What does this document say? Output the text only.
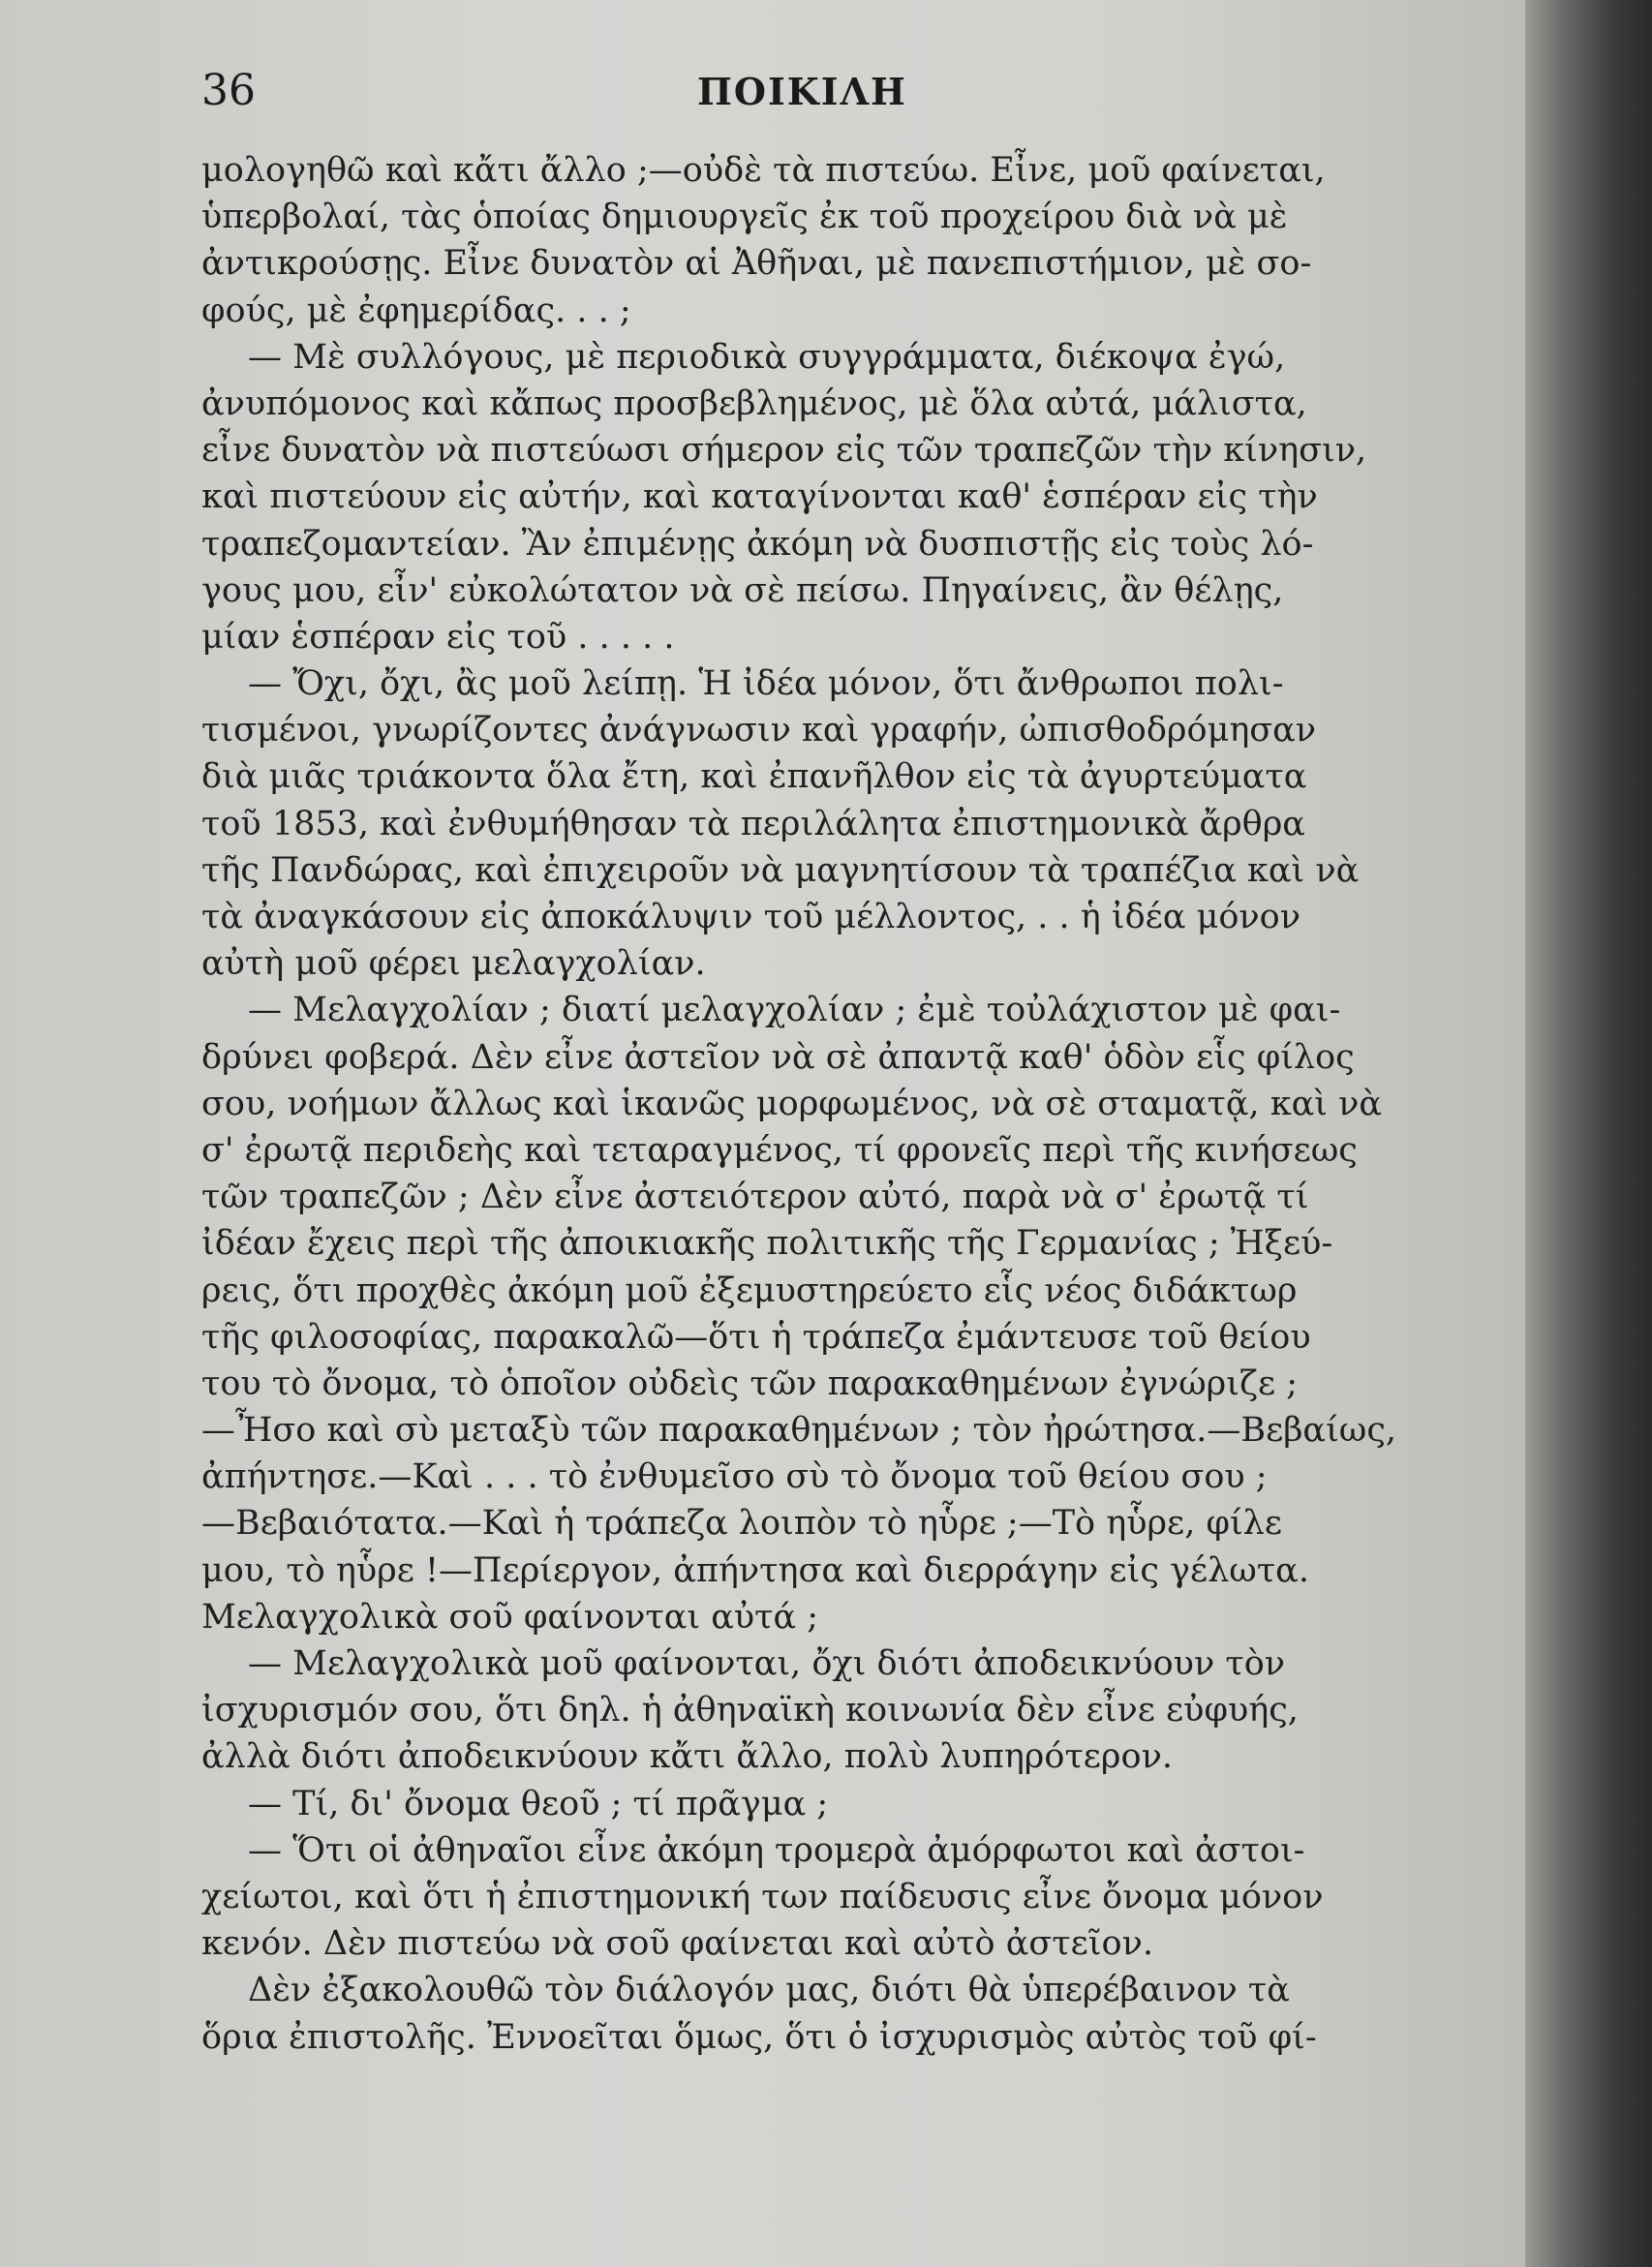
36	ΠΟΙΚΙΛΗ
μολογηθῶ καὶ κἄτι ἄλλο ;—οὐδὲ τὰ πιστεύω. Εἶνε, μοῦ φαίνεται,
ὑπερβολαί, τὰς ὁποίας δημιουργεῖς ἐκ τοῦ προχείρου διὰ νὰ μὲ
ἀντικρούσῃς. Εἶνε δυνατὸν αἱ Ἀθῆναι, μὲ πανεπιστήμιον, μὲ σο-
φούς, μὲ ἐφημερίδας. . . ;
— Μὲ συλλόγους, μὲ περιοδικὰ συγγράμματα, διέκοψα ἐγώ,
ἀνυπόμονος καὶ κἄπως προσβεβλημένος, μὲ ὅλα αὐτά, μάλιστα,
εἶνε δυνατὸν νὰ πιστεύωσι σήμερον εἰς τῶν τραπεζῶν τὴν κίνησιν,
καὶ πιστεύουν εἰς αὐτήν, καὶ καταγίνονται καθ' ἑσπέραν εἰς τὴν
τραπεζομαντείαν. Ἂν ἐπιμένῃς ἀκόμη νὰ δυσπιστῇς εἰς τοὺς λό-
γους μου, εἶν' εὐκολώτατον νὰ σὲ πείσω. Πηγαίνεις, ἂν θέλῃς,
μίαν ἑσπέραν εἰς τοῦ . . . . .
— Ὄχι, ὄχι, ἂς μοῦ λείπῃ. Ἡ ἰδέα μόνον, ὅτι ἄνθρωποι πολι-
τισμένοι, γνωρίζοντες ἀνάγνωσιν καὶ γραφήν, ὠπισθοδρόμησαν
διὰ μιᾶς τριάκοντα ὅλα ἔτη, καὶ ἐπανῆλθον εἰς τὰ ἀγυρτεύματα
τοῦ 1853, καὶ ἐνθυμήθησαν τὰ περιλάλητα ἐπιστημονικὰ ἄρθρα
τῆς Πανδώρας, καὶ ἐπιχειροῦν νὰ μαγνητίσουν τὰ τραπέζια καὶ νὰ
τὰ ἀναγκάσουν εἰς ἀποκάλυψιν τοῦ μέλλοντος, . . ἡ ἰδέα μόνον
αὐτὴ μοῦ φέρει μελαγχολίαν.
— Μελαγχολίαν ; διατί μελαγχολίαν ; ἐμὲ τοὐλάχιστον μὲ φαι-
δρύνει φοβερά. Δὲν εἶνε ἀστεῖον νὰ σὲ ἀπαντᾷ καθ' ὁδὸν εἷς φίλος
σου, νοήμων ἄλλως καὶ ἱκανῶς μορφωμένος, νὰ σὲ σταματᾷ, καὶ νὰ
σ' ἐρωτᾷ περιδεὴς καὶ τεταραγμένος, τί φρονεῖς περὶ τῆς κινήσεως
τῶν τραπεζῶν ; Δὲν εἶνε ἀστειότερον αὐτό, παρὰ νὰ σ' ἐρωτᾷ τί
ἰδέαν ἔχεις περὶ τῆς ἀποικιακῆς πολιτικῆς τῆς Γερμανίας ; Ἠξεύ-
ρεις, ὅτι προχθὲς ἀκόμη μοῦ ἐξεμυστηρεύετο εἷς νέος διδάκτωρ
τῆς φιλοσοφίας, παρακαλῶ—ὅτι ἡ τράπεζα ἐμάντευσε τοῦ θείου
του τὸ ὄνομα, τὸ ὁποῖον οὐδεὶς τῶν παρακαθημένων ἐγνώριζε ;
—Ἦσο καὶ σὺ μεταξὺ τῶν παρακαθημένων ; τὸν ἠρώτησα.—Βεβαίως,
ἀπήντησε.—Καὶ . . . τὸ ἐνθυμεῖσο σὺ τὸ ὄνομα τοῦ θείου σου ;
—Βεβαιότατα.—Καὶ ἡ τράπεζα λοιπὸν τὸ ηὗρε ;—Τὸ ηὗρε, φίλε
μου, τὸ ηὗρε !—Περίεργον, ἀπήντησα καὶ διερράγην εἰς γέλωτα.
Μελαγχολικὰ σοῦ φαίνονται αὐτά ;
— Μελαγχολικὰ μοῦ φαίνονται, ὄχι διότι ἀποδεικνύουν τὸν
ἰσχυρισμόν σου, ὅτι δηλ. ἡ ἀθηναϊκὴ κοινωνία δὲν εἶνε εὐφυής,
ἀλλὰ διότι ἀποδεικνύουν κἄτι ἄλλο, πολὺ λυπηρότερον.
— Τί, δι' ὄνομα θεοῦ ; τί πρᾶγμα ;
— Ὅτι οἱ ἀθηναῖοι εἶνε ἀκόμη τρομερὰ ἀμόρφωτοι καὶ ἀστοι-
χείωτοι, καὶ ὅτι ἡ ἐπιστημονική των παίδευσις εἶνε ὄνομα μόνον
κενόν. Δὲν πιστεύω νὰ σοῦ φαίνεται καὶ αὐτὸ ἀστεῖον.
Δὲν ἐξακολουθῶ τὸν διάλογόν μας, διότι θὰ ὑπερέβαινον τὰ
ὅρια ἐπιστολῆς. Ἐννοεῖται ὅμως, ὅτι ὁ ἰσχυρισμὸς αὐτὸς τοῦ φί-
